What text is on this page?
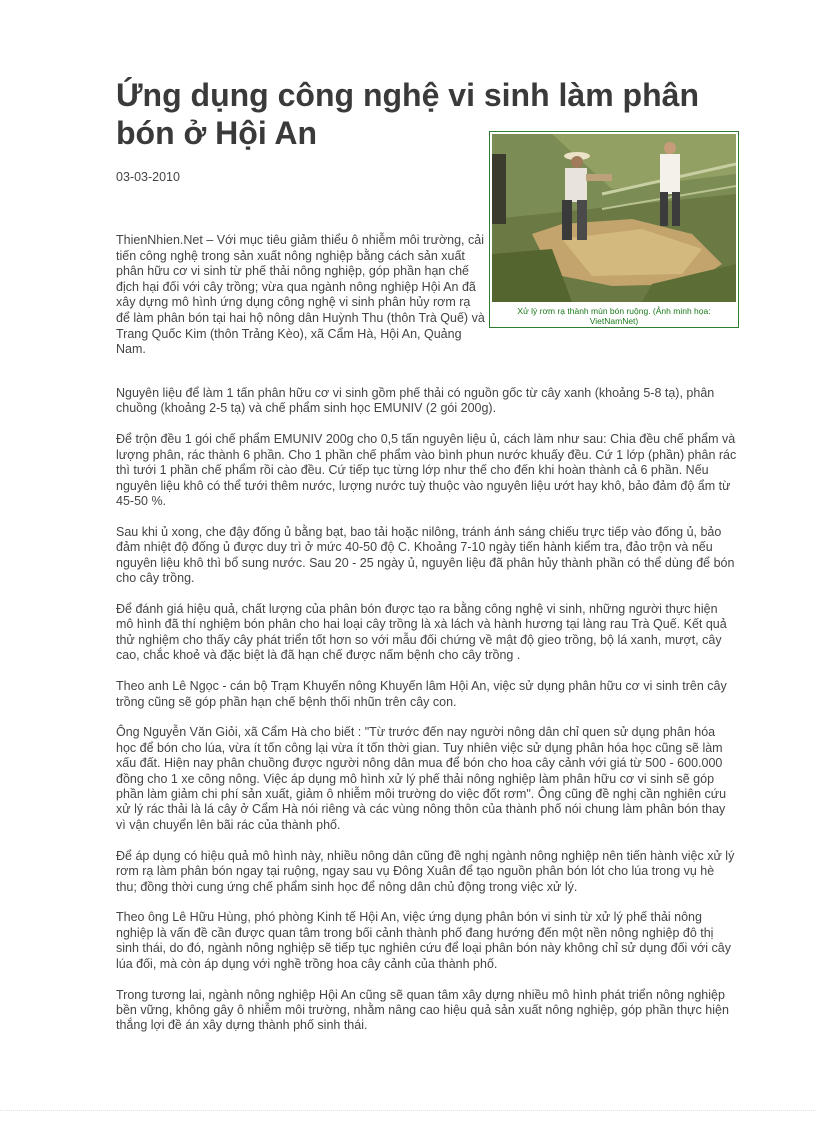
Ứng dụng công nghệ vi sinh làm phân bón ở Hội An
03-03-2010
Xử lý rơm rạ thành mùn bón ruộng. (Ảnh minh họa: VietNamNet)

ThienNhien.Net – Với mục tiêu giảm thiểu ô nhiễm môi trường, cải tiến công nghệ trong sản xuất nông nghiệp bằng cách sản xuất phân hữu cơ vi sinh từ phế thải nông nghiệp, góp phần hạn chế địch hại đối với cây trồng; vừa qua ngành nông nghiệp Hội An đã xây dựng mô hình ứng dụng công nghệ vi sinh phân hủy rơm rạ để làm phân bón tại hai hộ nông dân Huỳnh Thu (thôn Trà Quế) và Trang Quốc Kim (thôn Trảng Kèo), xã Cẩm Hà, Hội An, Quảng Nam.

Nguyên liệu để làm 1 tấn phân hữu cơ vi sinh gồm phế thải có nguồn gốc từ cây xanh (khoảng 5-8 tạ), phân chuồng (khoảng 2-5 tạ) và chế phẩm sinh học EMUNIV (2 gói 200g).

Để trộn đều 1 gói chế phẩm EMUNIV 200g cho 0,5 tấn nguyên liệu ủ, cách làm như sau: Chia đều chế phẩm và lượng phân, rác thành 6 phần. Cho 1 phần chế phẩm vào bình phun nước khuấy đều. Cứ 1 lớp (phần) phân rác thì tưới 1 phần chế phẩm rồi cào đều. Cứ tiếp tục từng lớp như thế cho đến khi hoàn thành cả 6 phần. Nếu nguyên liệu khô có thể tưới thêm nước, lượng nước tuỳ thuộc vào nguyên liệu ướt hay khô, bảo đảm độ ẩm từ 45-50 %.

Sau khi ủ xong, che đậy đống ủ bằng bạt, bao tải hoặc nilông, tránh ánh sáng chiếu trực tiếp vào đống ủ, bảo đảm nhiệt độ đống ủ được duy trì ở mức 40-50 độ C. Khoảng 7-10 ngày tiến hành kiểm tra, đảo trộn và nếu nguyên liệu khô thì bổ sung nước. Sau 20 - 25 ngày ủ, nguyên liệu đã phân hủy thành phần có thể dùng để bón cho cây trồng.

Để đánh giá hiệu quả, chất lượng của phân bón được tạo ra bằng công nghệ vi sinh, những người thực hiện mô hình đã thí nghiệm bón phân cho hai loại cây trồng là xà lách và hành hương tại làng rau Trà Quế. Kết quả thử nghiệm cho thấy cây phát triển tốt hơn so với mẫu đối chứng về mật độ gieo trồng, bộ lá xanh, mượt, cây cao, chắc khoẻ và đặc biệt là đã hạn chế được nấm bệnh cho cây trồng .

Theo anh Lê Ngọc - cán bộ Trạm Khuyến nông Khuyến lâm Hội An, việc sử dụng phân hữu cơ vi sinh trên cây trồng cũng sẽ góp phần hạn chế bệnh thối nhũn trên cây con.

Ông Nguyễn Văn Giỏi, xã Cẩm Hà cho biết : "Từ trước đến nay người nông dân chỉ quen sử dụng phân hóa học để bón cho lúa, vừa ít tốn công lại vừa ít tốn thời gian. Tuy nhiên việc sử dụng phân hóa học cũng sẽ làm xấu đất. Hiện nay phân chuồng được người nông dân mua để bón cho hoa cây cảnh với giá từ 500 - 600.000 đồng cho 1 xe công nông. Việc áp dụng mô hình xử lý phế thải nông nghiệp làm phân hữu cơ vi sinh sẽ góp phần làm giảm chi phí sản xuất, giảm ô nhiễm môi trường do việc đốt rơm". Ông cũng đề nghị cần nghiên cứu xử lý rác thải là lá cây ở Cẩm Hà nói riêng và các vùng nông thôn của thành phố nói chung làm phân bón thay vì vận chuyển lên bãi rác của thành phố.

Để áp dụng có hiệu quả mô hình này, nhiều nông dân cũng đề nghị ngành nông nghiệp nên tiến hành việc xử lý rơm rạ làm phân bón ngay tại ruộng, ngay sau vụ Đông Xuân để tạo nguồn phân bón lót cho lúa trong vụ hè thu; đồng thời cung ứng chế phẩm sinh học để nông dân chủ động trong việc xử lý.

Theo ông Lê Hữu Hùng, phó phòng Kinh tế Hội An, việc ứng dụng phân bón vi sinh từ xử lý phế thải nông nghiệp là vấn đề cần được quan tâm trong bối cảnh thành phố đang hướng đến một nền nông nghiệp đô thị sinh thái, do đó, ngành nông nghiệp sẽ tiếp tục nghiên cứu để loại phân bón này không chỉ sử dụng đối với cây lúa đối, mà còn áp dụng với nghề trồng hoa cây cảnh của thành phố.

Trong tương lai, ngành nông nghiệp Hội An cũng sẽ quan tâm xây dựng nhiều mô hình phát triển nông nghiệp bền vững, không gây ô nhiễm môi trường, nhằm nâng cao hiệu quả sản xuất nông nghiệp, góp phần thực hiện thắng lợi đề án xây dựng thành phố sinh thái.
